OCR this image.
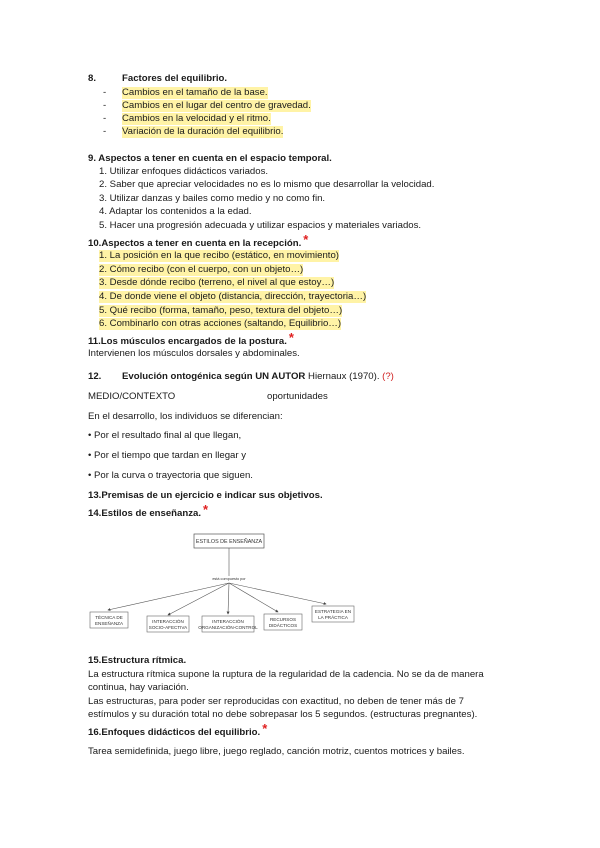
8.	Factores del equilibrio.
- Cambios en el tamaño de la base.
- Cambios en el lugar del centro de gravedad.
- Cambios en la velocidad y el ritmo.
- Variación de la duración del equilibrio.
9. Aspectos a tener en cuenta en el espacio temporal.
1. Utilizar enfoques didácticos variados.
2. Saber que apreciar velocidades no es lo mismo que desarrollar la velocidad.
3. Utilizar danzas y bailes como medio y no como fin.
4. Adaptar los contenidos a la edad.
5. Hacer una progresión adecuada y utilizar espacios y materiales variados.
10.Aspectos a tener en cuenta en la recepción. *
1. La posición en la que recibo (estático, en movimiento)
2. Cómo recibo (con el cuerpo, con un objeto…)
3. Desde dónde recibo (terreno, el nivel al que estoy…)
4. De donde viene el objeto (distancia, dirección, trayectoria…)
5. Qué recibo (forma, tamaño, peso, textura del objeto…)
6. Combinarlo con otras acciones (saltando, Equilibrio…)
11.Los músculos encargados de la postura. *
Intervienen los músculos dorsales y abdominales.
12. Evolución ontogénica según UN AUTOR Hiernaux (1970). (?)
MEDIO/CONTEXTO	oportunidades
En el desarrollo, los individuos se diferencian:
• Por el resultado final al que llegan,
• Por el tiempo que tardan en llegar y
• Por la curva o trayectoria que siguen.
13.Premisas de un ejercicio e indicar sus objetivos.
14.Estilos de enseñanza. *
ESTILOS DE ENSEÑANZA
está compuesto por
TÉCNICA DE
ENSEÑANZA	INTERACCIÓN
SOCIO-AFECTIVA
INTERACCIÓN
ORGANIZACIÓN-CONTROL
RECURSOS
DIDÁCTICOS
ESTRATEGIA EN
LA PRÁCTICA
15.Estructura rítmica.
La estructura rítmica supone la ruptura de la regularidad de la cadencia. No se da de manera
continua, hay variación.
Las estructuras, para poder ser reproducidas con exactitud, no deben de tener más de 7
estímulos y su duración total no debe sobrepasar los 5 segundos. (estructuras pregnantes).
16.Enfoques didácticos del equilibrio. *
Tarea semidefinida, juego libre, juego reglado, canción motriz, cuentos motrices y bailes.
